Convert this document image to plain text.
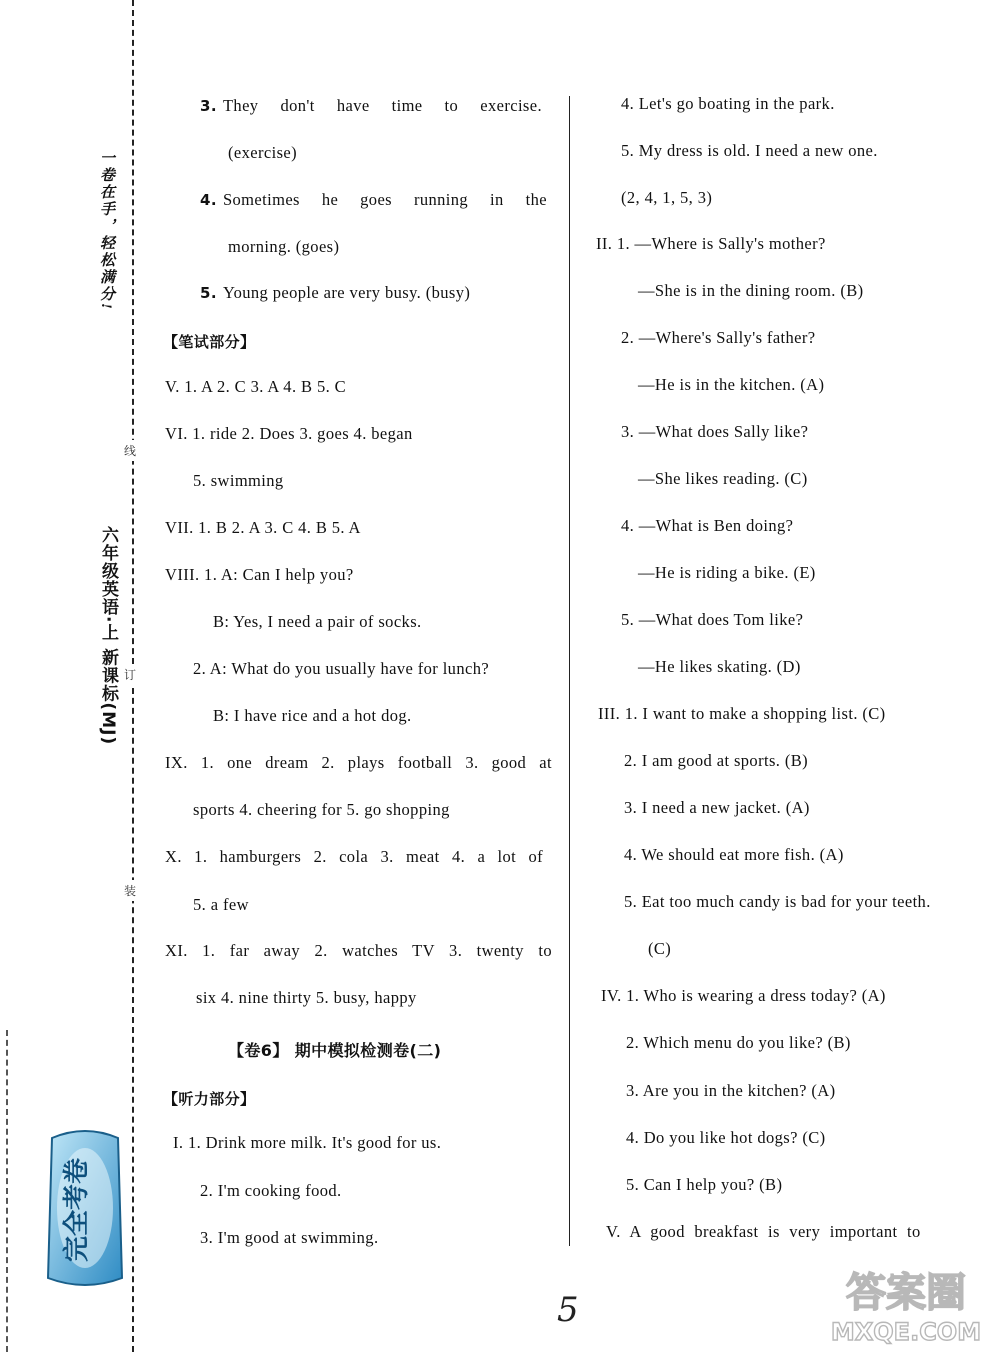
一卷在手，轻松满分!
六年级英语·上 新课标(MJ)
线
订
装
完全考卷
3. They don't have time to exercise.
(exercise)
4. Sometimes he goes running in the
morning. (goes)
5. Young people are very busy. (busy)
【笔试部分】
V. 1. A 2. C 3. A 4. B 5. C
VI. 1. ride 2. Does 3. goes 4. began
5. swimming
VII. 1. B 2. A 3. C 4. B 5. A
VIII. 1. A: Can I help you?
B: Yes, I need a pair of socks.
2. A: What do you usually have for lunch?
B: I have rice and a hot dog.
IX. 1. one dream 2. plays football 3. good at
sports 4. cheering for 5. go shopping
X. 1. hamburgers 2. cola 3. meat 4. a lot of
5. a few
XI. 1. far away 2. watches TV 3. twenty to
six 4. nine thirty 5. busy, happy
【卷6】 期中模拟检测卷(二)
【听力部分】
I. 1. Drink more milk. It's good for us.
2. I'm cooking food.
3. I'm good at swimming.
4. Let's go boating in the park.
5. My dress is old. I need a new one.
(2, 4, 1, 5, 3)
II. 1. —Where is Sally's mother?
—She is in the dining room. (B)
2. —Where's Sally's father?
—He is in the kitchen. (A)
3. —What does Sally like?
—She likes reading. (C)
4. —What is Ben doing?
—He is riding a bike. (E)
5. —What does Tom like?
—He likes skating. (D)
III. 1. I want to make a shopping list. (C)
2. I am good at sports. (B)
3. I need a new jacket. (A)
4. We should eat more fish. (A)
5. Eat too much candy is bad for your teeth.
(C)
IV. 1. Who is wearing a dress today? (A)
2. Which menu do you like? (B)
3. Are you in the kitchen? (A)
4. Do you like hot dogs? (C)
5. Can I help you? (B)
V. A good breakfast is very important to
5	答案圈
MXQE.COM
